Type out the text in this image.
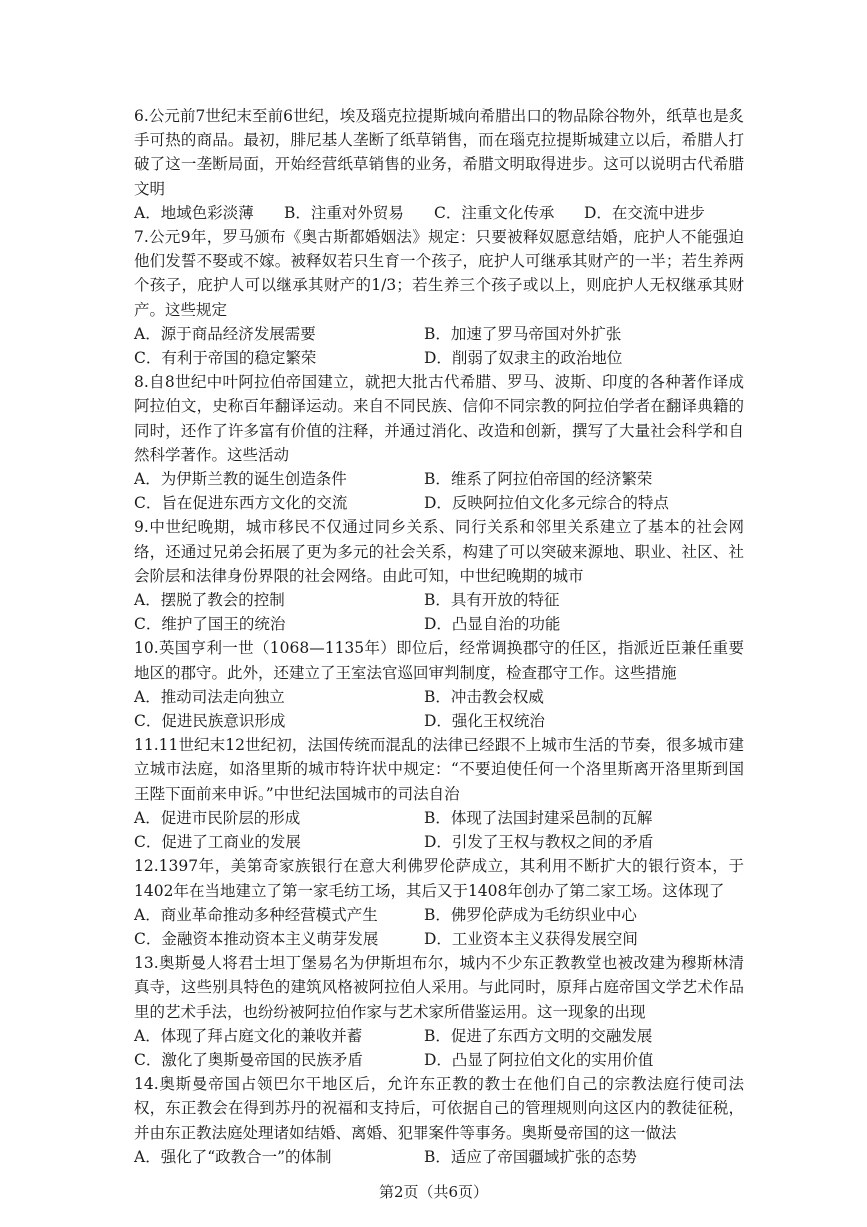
6.公元前7世纪末至前6世纪，埃及瑙克拉提斯城向希腊出口的物品除谷物外，纸草也是炙手可热的商品。最初，腓尼基人垄断了纸草销售，而在瑙克拉提斯城建立以后，希腊人打破了这一垄断局面，开始经营纸草销售的业务，希腊文明取得进步。这可以说明古代希腊文明

A．地域色彩淡薄	B．注重对外贸易	C．注重文化传承	D．在交流中进步

7.公元9年，罗马颁布《奥古斯都婚姻法》规定：只要被释奴愿意结婚，庇护人不能强迫他们发誓不娶或不嫁。被释奴若只生育一个孩子，庇护人可继承其财产的一半；若生养两个孩子，庇护人可以继承其财产的1/3；若生养三个孩子或以上，则庇护人无权继承其财产。这些规定

A．源于商品经济发展需要	B．加速了罗马帝国对外扩张
C．有利于帝国的稳定繁荣	D．削弱了奴隶主的政治地位

8.自8世纪中叶阿拉伯帝国建立，就把大批古代希腊、罗马、波斯、印度的各种著作译成阿拉伯文，史称百年翻译运动。来自不同民族、信仰不同宗教的阿拉伯学者在翻译典籍的同时，还作了许多富有价值的注释，并通过消化、改造和创新，撰写了大量社会科学和自然科学著作。这些活动

A．为伊斯兰教的诞生创造条件	B．维系了阿拉伯帝国的经济繁荣
C．旨在促进东西方文化的交流	D．反映阿拉伯文化多元综合的特点

9.中世纪晚期，城市移民不仅通过同乡关系、同行关系和邻里关系建立了基本的社会网络，还通过兄弟会拓展了更为多元的社会关系，构建了可以突破来源地、职业、社区、社会阶层和法律身份界限的社会网络。由此可知，中世纪晚期的城市

A．摆脱了教会的控制	B．具有开放的特征
C．维护了国王的统治	D．凸显自治的功能

10.英国亨利一世（1068—1135年）即位后，经常调换郡守的任区，指派近臣兼任重要地区的郡守。此外，还建立了王室法官巡回审判制度，检查郡守工作。这些措施

A．推动司法走向独立	B．冲击教会权威
C．促进民族意识形成	D．强化王权统治

11.11世纪末12世纪初，法国传统而混乱的法律已经跟不上城市生活的节奏，很多城市建立城市法庭，如洛里斯的城市特许状中规定：“不要迫使任何一个洛里斯离开洛里斯到国王陛下面前来申诉。”中世纪法国城市的司法自治

A．促进市民阶层的形成	B．体现了法国封建采邑制的瓦解
C．促进了工商业的发展	D．引发了王权与教权之间的矛盾

12.1397年，美第奇家族银行在意大利佛罗伦萨成立，其利用不断扩大的银行资本，于1402年在当地建立了第一家毛纺工场，其后又于1408年创办了第二家工场。这体现了

A．商业革命推动多种经营模式产生	B．佛罗伦萨成为毛纺织业中心
C．金融资本推动资本主义萌芽发展	D．工业资本主义获得发展空间

13.奥斯曼人将君士坦丁堡易名为伊斯坦布尔，城内不少东正教教堂也被改建为穆斯林清真寺，这些别具特色的建筑风格被阿拉伯人采用。与此同时，原拜占庭帝国文学艺术作品里的艺术手法，也纷纷被阿拉伯作家与艺术家所借鉴运用。这一现象的出现

A．体现了拜占庭文化的兼收并蓄	B．促进了东西方文明的交融发展
C．激化了奥斯曼帝国的民族矛盾	D．凸显了阿拉伯文化的实用价值

14.奥斯曼帝国占领巴尔干地区后，允许东正教的教士在他们自己的宗教法庭行使司法权，东正教会在得到苏丹的祝福和支持后，可依据自己的管理规则向这区内的教徒征税，并由东正教法庭处理诸如结婚、离婚、犯罪案件等事务。奥斯曼帝国的这一做法

A．强化了“政教合一”的体制	B．适应了帝国疆域扩张的态势
第2页（共6页）
